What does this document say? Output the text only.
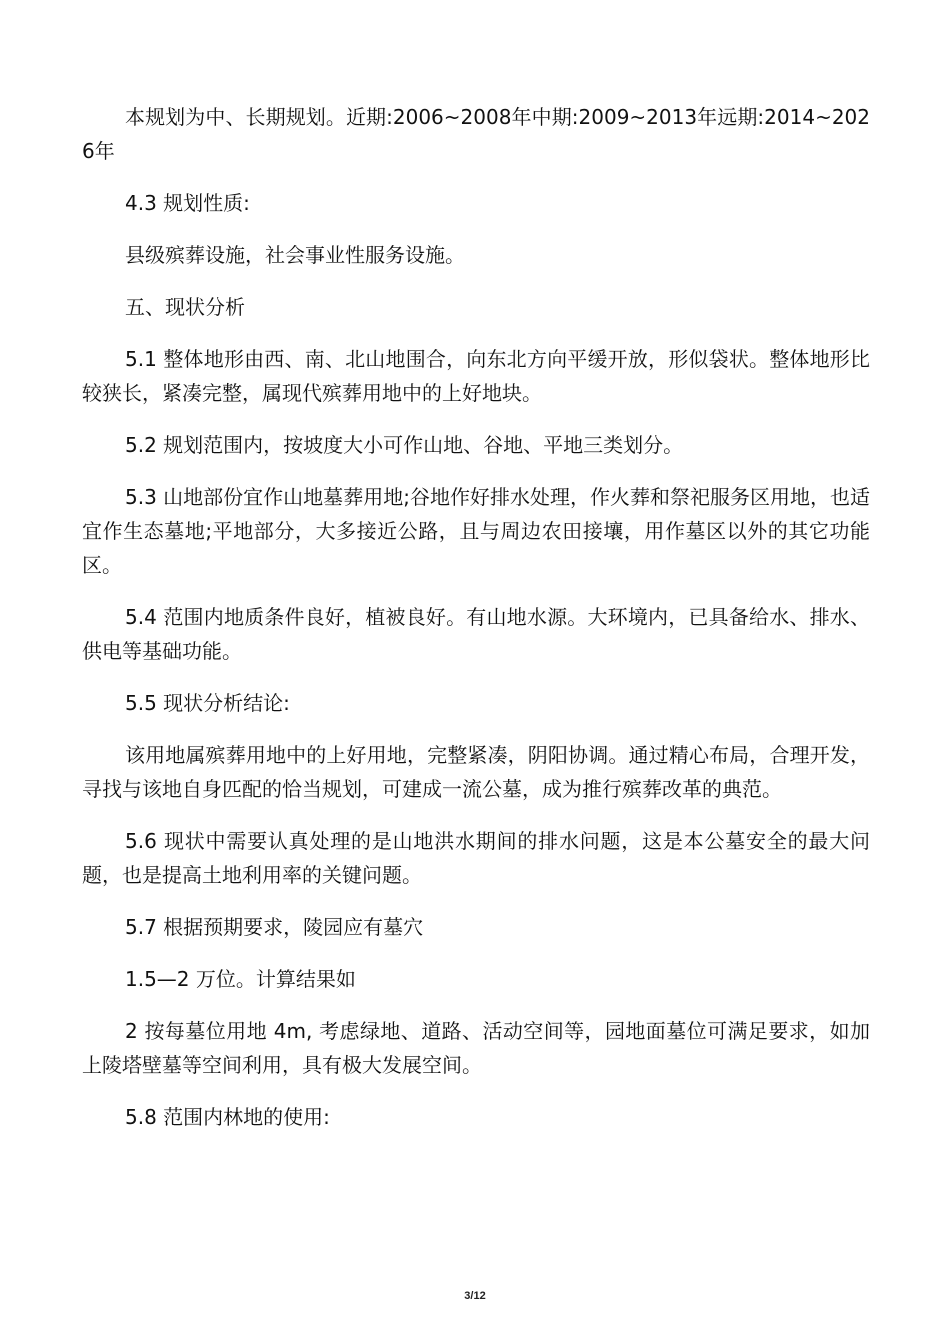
本规划为中、长期规划。近期:2006~2008年中期:2009~2013年远期:2014~2026年

4.3 规划性质:

县级殡葬设施，社会事业性服务设施。

五、现状分析

5.1 整体地形由西、南、北山地围合，向东北方向平缓开放，形似袋状。整体地形比较狭长，紧凑完整，属现代殡葬用地中的上好地块。

5.2 规划范围内，按坡度大小可作山地、谷地、平地三类划分。

5.3 山地部份宜作山地墓葬用地;谷地作好排水处理，作火葬和祭祀服务区用地，也适宜作生态墓地;平地部分，大多接近公路，且与周边农田接壤，用作墓区以外的其它功能区。

5.4 范围内地质条件良好，植被良好。有山地水源。大环境内，已具备给水、排水、供电等基础功能。

5.5 现状分析结论:

该用地属殡葬用地中的上好用地，完整紧凑，阴阳协调。通过精心布局，合理开发，寻找与该地自身匹配的恰当规划，可建成一流公墓，成为推行殡葬改革的典范。

5.6 现状中需要认真处理的是山地洪水期间的排水问题，这是本公墓安全的最大问题，也是提高土地利用率的关键问题。

5.7 根据预期要求，陵园应有墓穴

1.5—2 万位。计算结果如

2 按每墓位用地 4m, 考虑绿地、道路、活动空间等，园地面墓位可满足要求，如加上陵塔壁墓等空间利用，具有极大发展空间。

5.8 范围内林地的使用:

3/12
